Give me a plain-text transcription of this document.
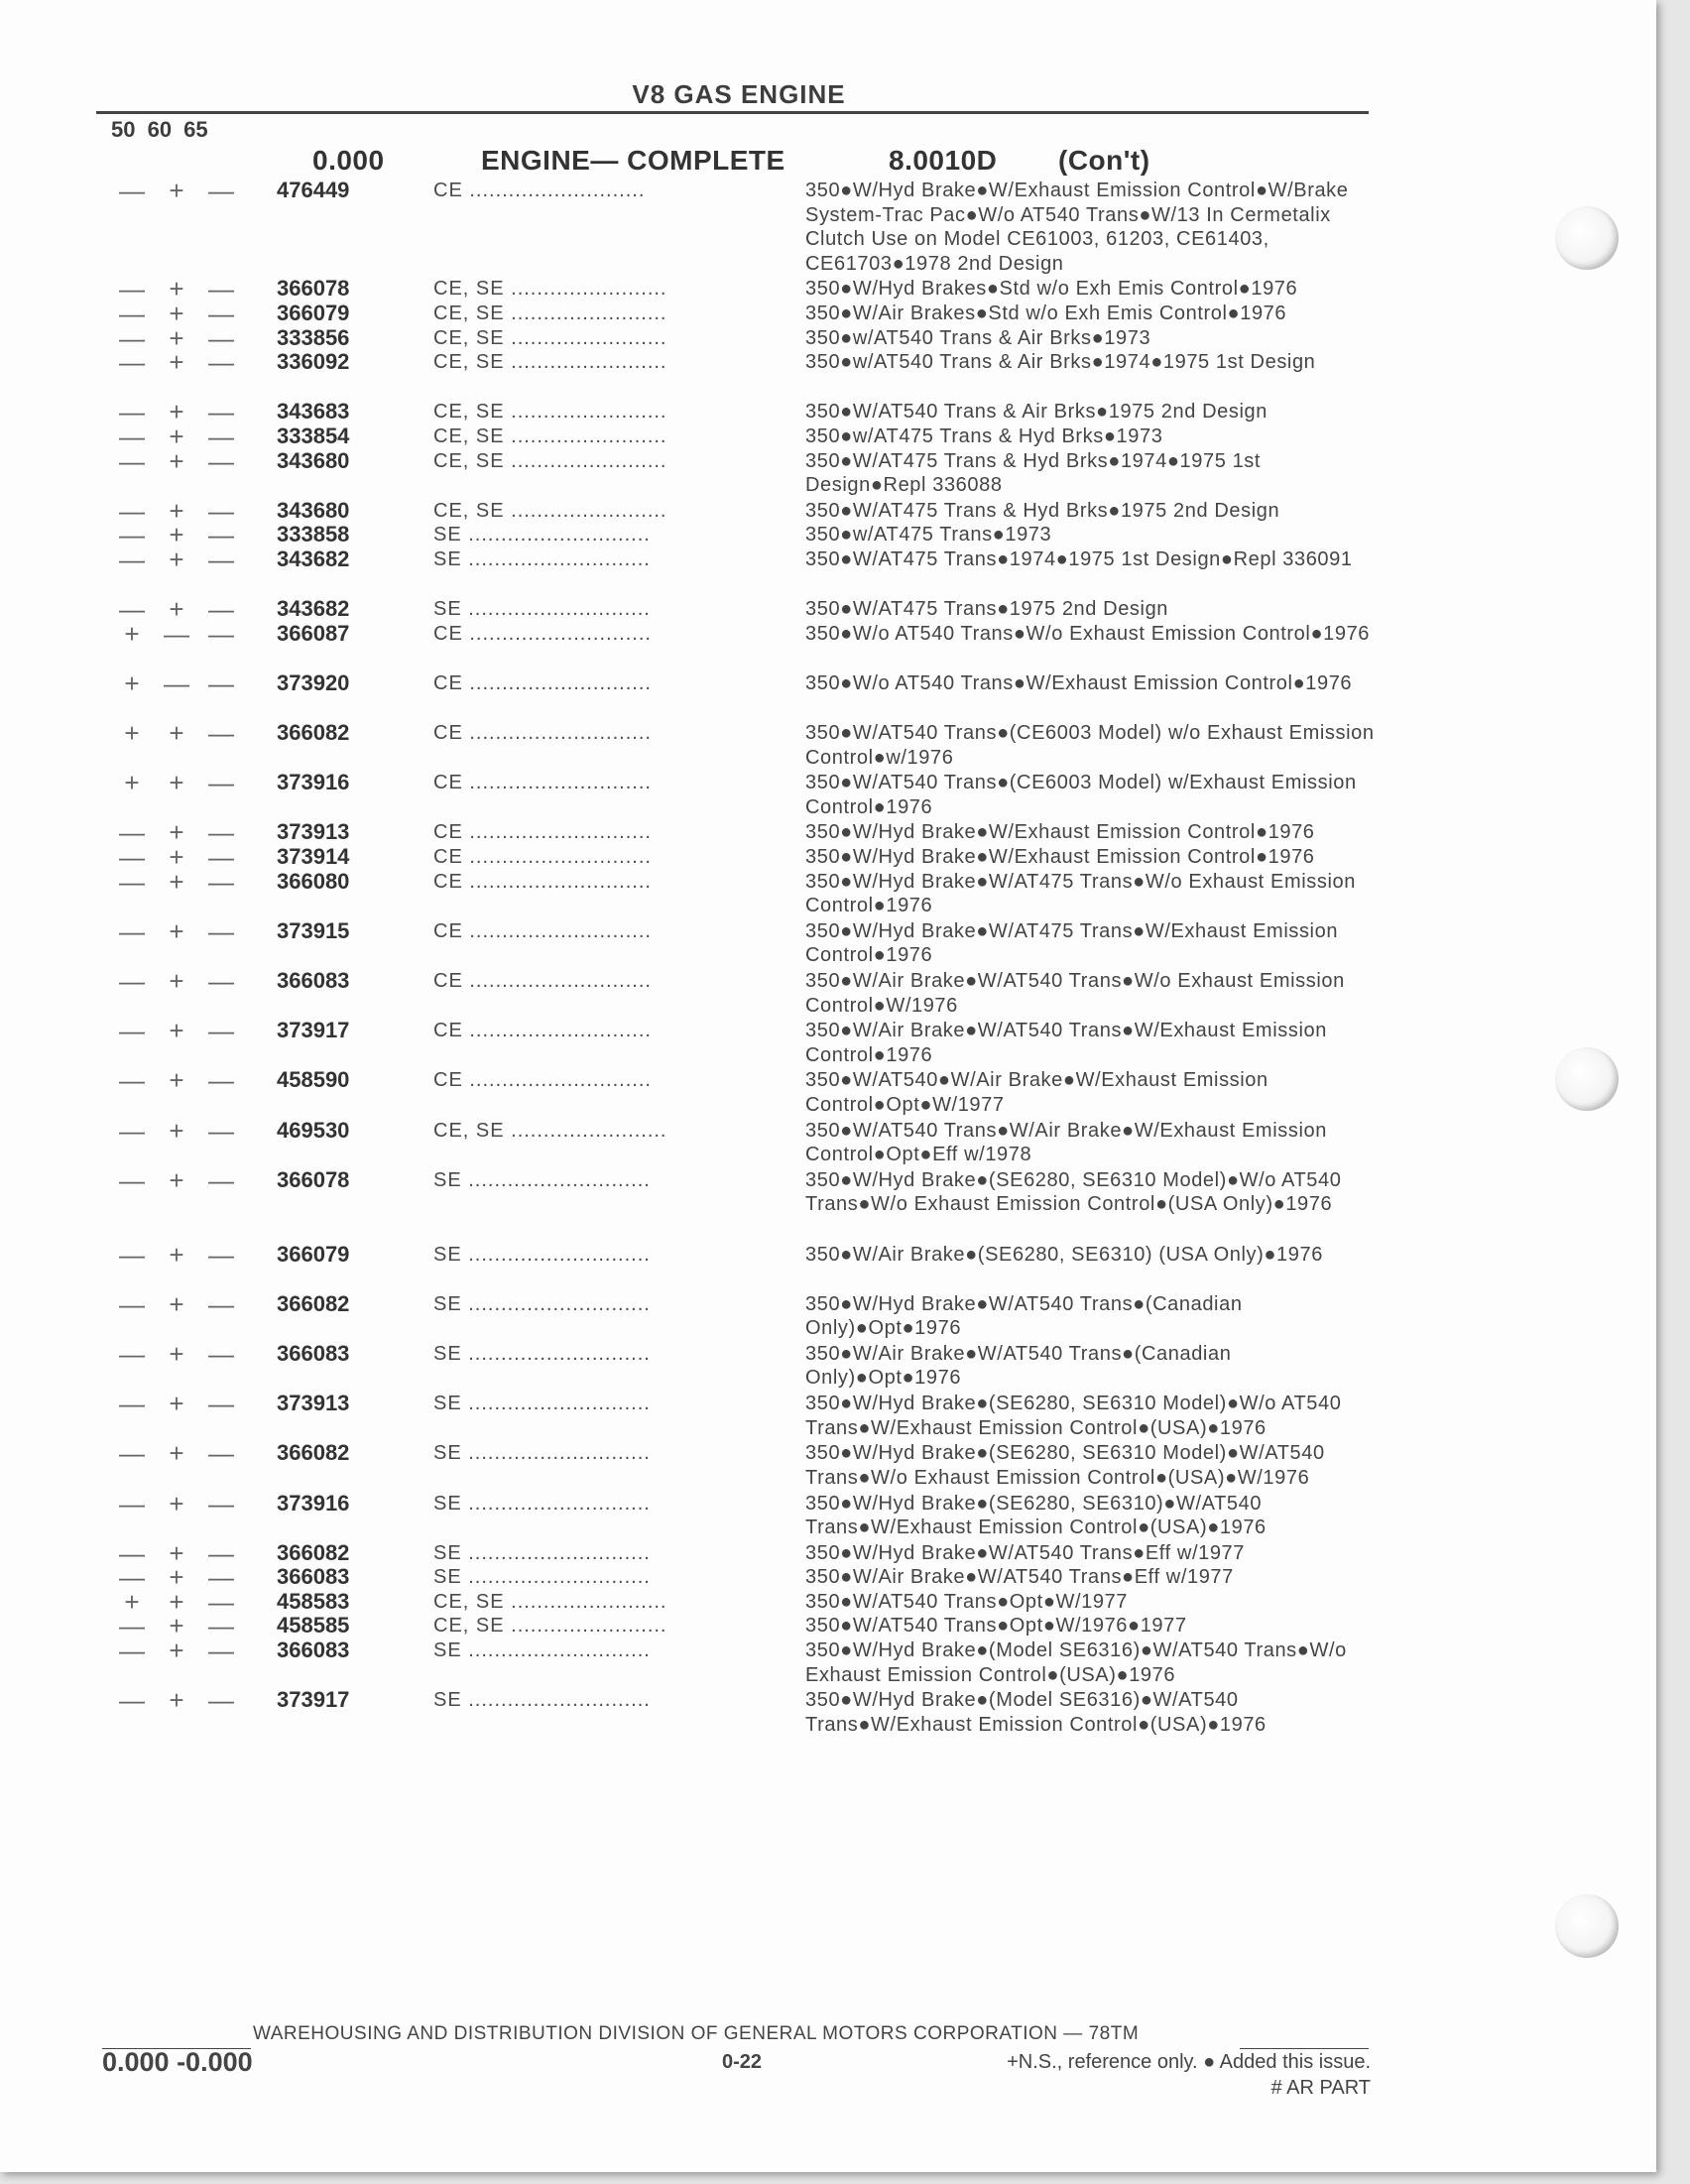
V8 GAS ENGINE
50 60 65
0.000	ENGINE— COMPLETE	8.0010D (Con't)
— + — 476449	CE ...........................	350●W/Hyd Brake●W/Exhaust Emission Control●W/Brake System-Trac Pac●W/o AT540 Trans●W/13 In Cermetalix Clutch Use on Model CE61003, 61203, CE61403, CE61703●1978 2nd Design
— + — 366078	CE, SE ........................	350●W/Hyd Brakes●Std w/o Exh Emis Control●1976
— + — 366079	CE, SE ........................	350●W/Air Brakes●Std w/o Exh Emis Control●1976
— + — 333856	CE, SE ........................	350●w/AT540 Trans & Air Brks●1973
— + — 336092	CE, SE ........................	350●w/AT540 Trans & Air Brks●1974●1975 1st Design
— + — 343683	CE, SE ........................	350●W/AT540 Trans & Air Brks●1975 2nd Design
— + — 333854	CE, SE ........................	350●w/AT475 Trans & Hyd Brks●1973
— + — 343680	CE, SE ........................	350●W/AT475 Trans & Hyd Brks●1974●1975 1st Design●Repl 336088
— + — 343680	CE, SE ........................	350●W/AT475 Trans & Hyd Brks●1975 2nd Design
— + — 333858	SE ............................	350●w/AT475 Trans●1973
— + — 343682	SE ............................	350●W/AT475 Trans●1974●1975 1st Design●Repl 336091
— + — 343682	SE ............................	350●W/AT475 Trans●1975 2nd Design
+ — — 366087	CE ............................	350●W/o AT540 Trans●W/o Exhaust Emission Control●1976
+ — — 373920	CE ............................	350●W/o AT540 Trans●W/Exhaust Emission Control●1976
+ + — 366082	CE ............................	350●W/AT540 Trans●(CE6003 Model) w/o Exhaust Emission Control●w/1976
+ + — 373916	CE ............................	350●W/AT540 Trans●(CE6003 Model) w/Exhaust Emission Control●1976
— + — 373913	CE ............................	350●W/Hyd Brake●W/Exhaust Emission Control●1976
— + — 373914	CE ............................	350●W/Hyd Brake●W/Exhaust Emission Control●1976
— + — 366080	CE ............................	350●W/Hyd Brake●W/AT475 Trans●W/o Exhaust Emission Control●1976
— + — 373915	CE ............................	350●W/Hyd Brake●W/AT475 Trans●W/Exhaust Emission Control●1976
— + — 366083	CE ............................	350●W/Air Brake●W/AT540 Trans●W/o Exhaust Emission Control●W/1976
— + — 373917	CE ............................	350●W/Air Brake●W/AT540 Trans●W/Exhaust Emission Control●1976
— + — 458590	CE ............................	350●W/AT540●W/Air Brake●W/Exhaust Emission Control●Opt●W/1977
— + — 469530	CE, SE ........................	350●W/AT540 Trans●W/Air Brake●W/Exhaust Emission Control●Opt●Eff w/1978
— + — 366078	SE ............................	350●W/Hyd Brake●(SE6280, SE6310 Model)●W/o AT540 Trans●W/o Exhaust Emission Control●(USA Only)●1976
— + — 366079	SE ............................	350●W/Air Brake●(SE6280, SE6310) (USA Only)●1976
— + — 366082	SE ............................	350●W/Hyd Brake●W/AT540 Trans●(Canadian Only)●Opt●1976
— + — 366083	SE ............................	350●W/Air Brake●W/AT540 Trans●(Canadian Only)●Opt●1976
— + — 373913	SE ............................	350●W/Hyd Brake●(SE6280, SE6310 Model)●W/o AT540 Trans●W/Exhaust Emission Control●(USA)●1976
— + — 366082	SE ............................	350●W/Hyd Brake●(SE6280, SE6310 Model)●W/AT540 Trans●W/o Exhaust Emission Control●(USA)●W/1976
— + — 373916	SE ............................	350●W/Hyd Brake●(SE6280, SE6310)●W/AT540 Trans●W/Exhaust Emission Control●(USA)●1976
— + — 366082	SE ............................	350●W/Hyd Brake●W/AT540 Trans●Eff w/1977
— + — 366083	SE ............................	350●W/Air Brake●W/AT540 Trans●Eff w/1977
+ + — 458583	CE, SE ........................	350●W/AT540 Trans●Opt●W/1977
— + — 458585	CE, SE ........................	350●W/AT540 Trans●Opt●W/1976●1977
— + — 366083	SE ............................	350●W/Hyd Brake●(Model SE6316)●W/AT540 Trans●W/o Exhaust Emission Control●(USA)●1976
— + — 373917	SE ............................	350●W/Hyd Brake●(Model SE6316)●W/AT540 Trans●W/Exhaust Emission Control●(USA)●1976
WAREHOUSING AND DISTRIBUTION DIVISION OF GENERAL MOTORS CORPORATION — 78TM
0.000 -0.000	0-22	+N.S., reference only. ● Added this issue.
# AR PART
